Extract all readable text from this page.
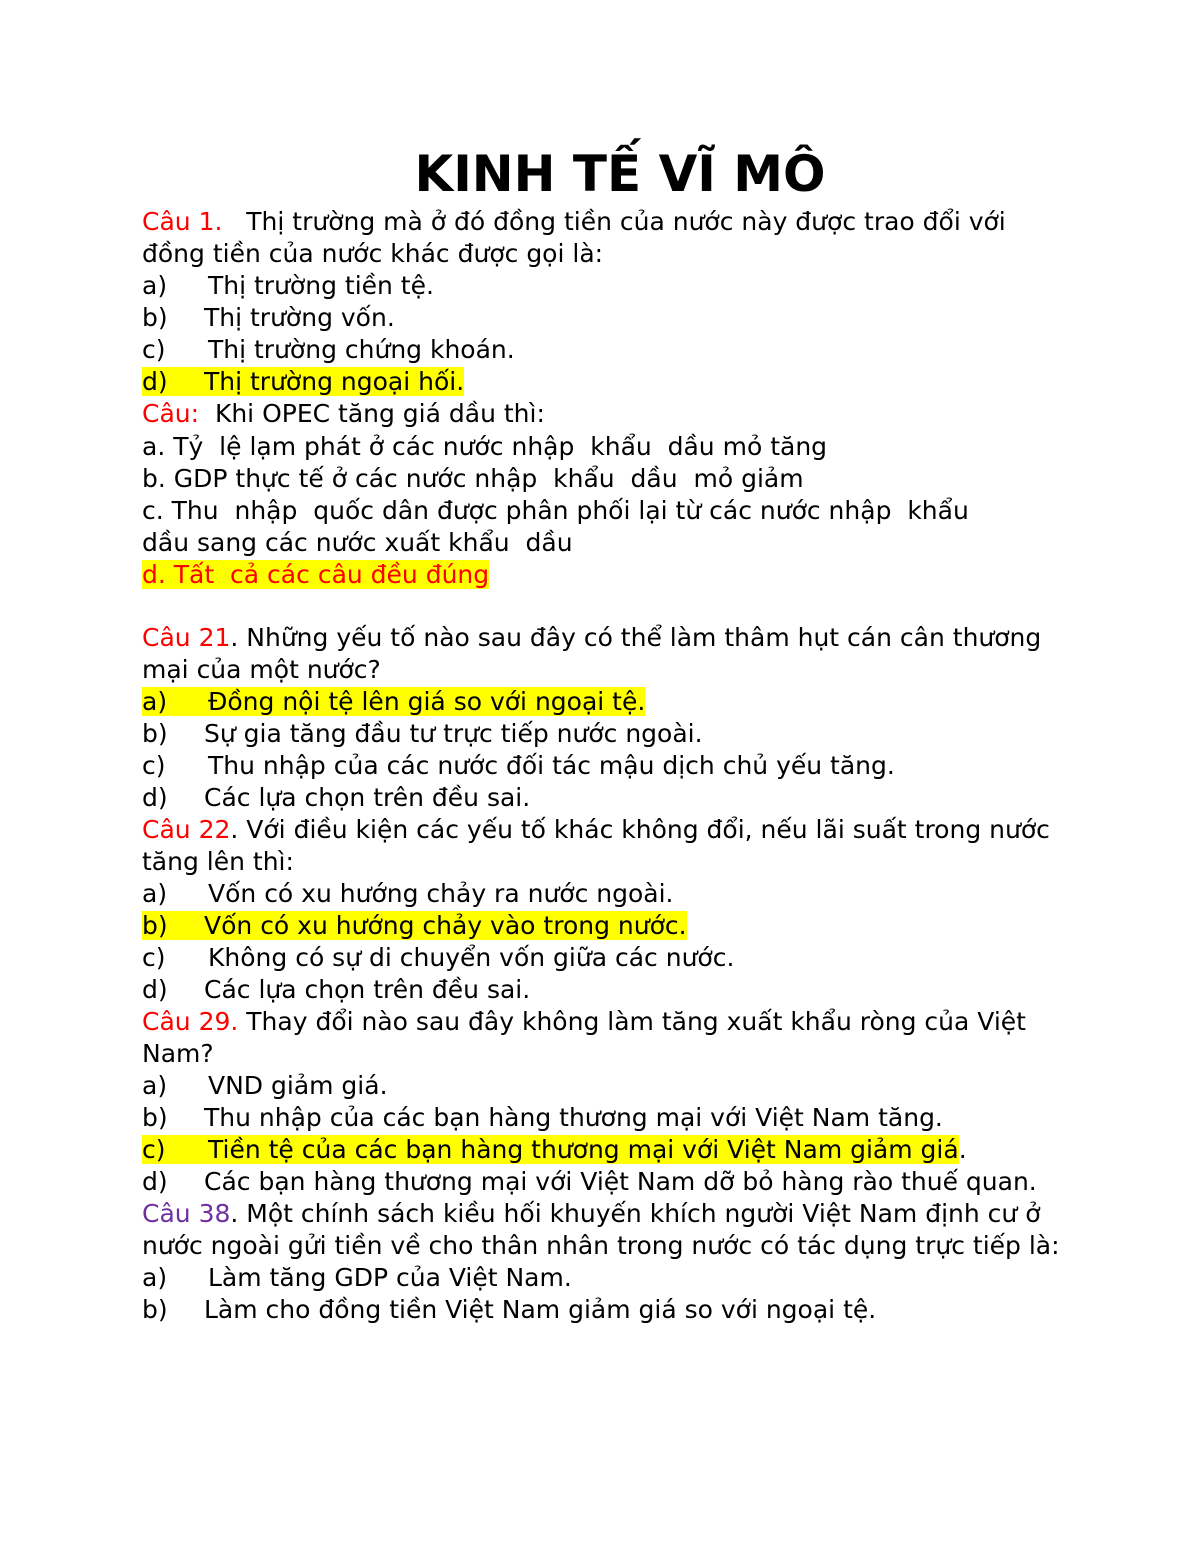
KINH TẾ VĨ MÔ

Câu 1.   Thị trường mà ở đó đồng tiền của nước này được trao đổi với đồng tiền của nước khác được gọi là:

a) Thị trường tiền tệ.

b) Thị trường vốn.

c) Thị trường chứng khoán.

d) Thị trường ngoại hối.

Câu:  Khi OPEC tăng giá dầu thì:

a. Tỷ  lệ lạm phát ở các nước nhập  khẩu  dầu mỏ tăng

b. GDP thực tế ở các nước nhập  khẩu  dầu  mỏ giảm

c. Thu  nhập  quốc dân được phân phối lại từ các nước nhập  khẩu

dầu sang các nước xuất khẩu  dầu

d. Tất  cả các câu đều đúng

Câu 21. Những yếu tố nào sau đây có thể làm thâm hụt cán cân thương mại của một nước?

a) Đồng nội tệ lên giá so với ngoại tệ.

b) Sự gia tăng đầu tư trực tiếp nước ngoài.

c) Thu nhập của các nước đối tác mậu dịch chủ yếu tăng.

d) Các lựa chọn trên đều sai.

Câu 22. Với điều kiện các yếu tố khác không đổi, nếu lãi suất trong nước tăng lên thì:

a) Vốn có xu hướng chảy ra nước ngoài.

b) Vốn có xu hướng chảy vào trong nước.

c) Không có sự di chuyển vốn giữa các nước.

d) Các lựa chọn trên đều sai.

Câu 29. Thay đổi nào sau đây không làm tăng xuất khẩu ròng của Việt Nam?

a) VND giảm giá.

b) Thu nhập của các bạn hàng thương mại với Việt Nam tăng.

c) Tiền tệ của các bạn hàng thương mại với Việt Nam giảm giá.

d) Các bạn hàng thương mại với Việt Nam dỡ bỏ hàng rào thuế quan.

Câu 38. Một chính sách kiều hối khuyến khích người Việt Nam định cư ở nước ngoài gửi tiền về cho thân nhân trong nước có tác dụng trực tiếp là:

a) Làm tăng GDP của Việt Nam.

b) Làm cho đồng tiền Việt Nam giảm giá so với ngoại tệ.
